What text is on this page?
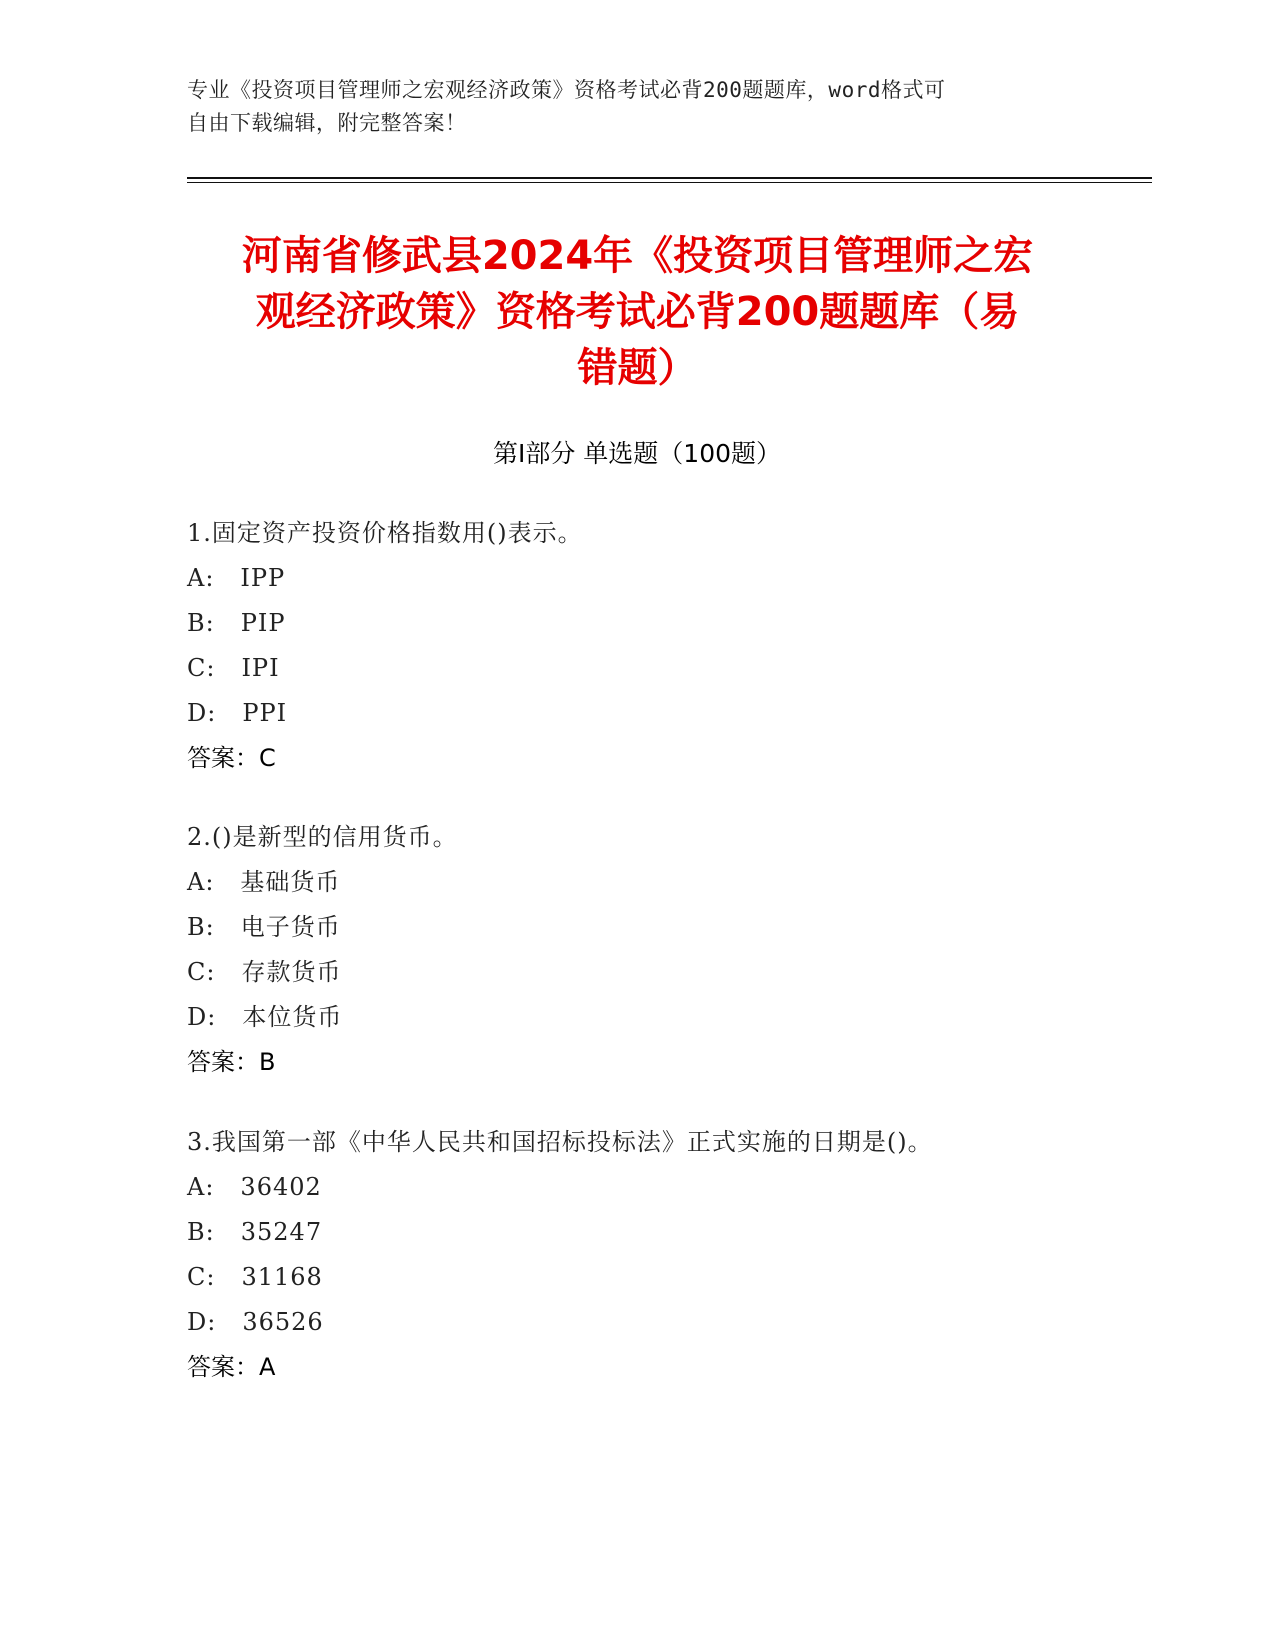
专业《投资项目管理师之宏观经济政策》资格考试必背200题题库，word格式可
自由下载编辑，附完整答案！
河南省修武县2024年《投资项目管理师之宏
观经济政策》资格考试必背200题题库（易
错题）
第Ⅰ部分 单选题（100题）
1.固定资产投资价格指数用()表示。
A: IPP
B: PIP
C: IPI
D: PPI
答案：C
2.()是新型的信用货币。
A: 基础货币
B: 电子货币
C: 存款货币
D: 本位货币
答案：B
3.我国第一部《中华人民共和国招标投标法》正式实施的日期是()。
A: 36402
B: 35247
C: 31168
D: 36526
答案：A
